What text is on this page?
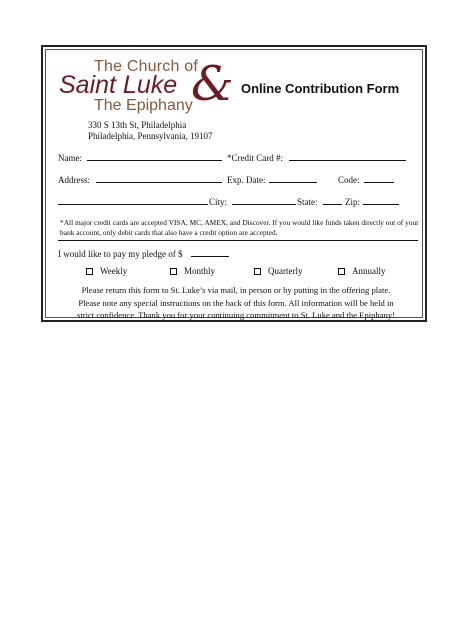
The Church of
Saint Luke &
The Epiphany
330 S 13th St, Philadelphia
Philadelphia, Pennsylvania, 19107
Online Contribution Form
Name:	*Credit Card #:
Address:	Exp. Date:	Code:
City:	State:	Zip:
*All major credit cards are accepted VISA, MC, AMEX, and Discover. If you would like funds taken directly out of your bank account, only debit cards that also have a credit option are accepted.
I would like to pay my pledge of $
Weekly	Monthly	Quarterly	Annually
Please return this form to St. Luke’s via mail, in person or by putting in the offering plate.
Please note any special instructions on the back of this form. All information will be held in
strict confidence. Thank you for your continuing commitment to St. Luke and the Epiphany!
